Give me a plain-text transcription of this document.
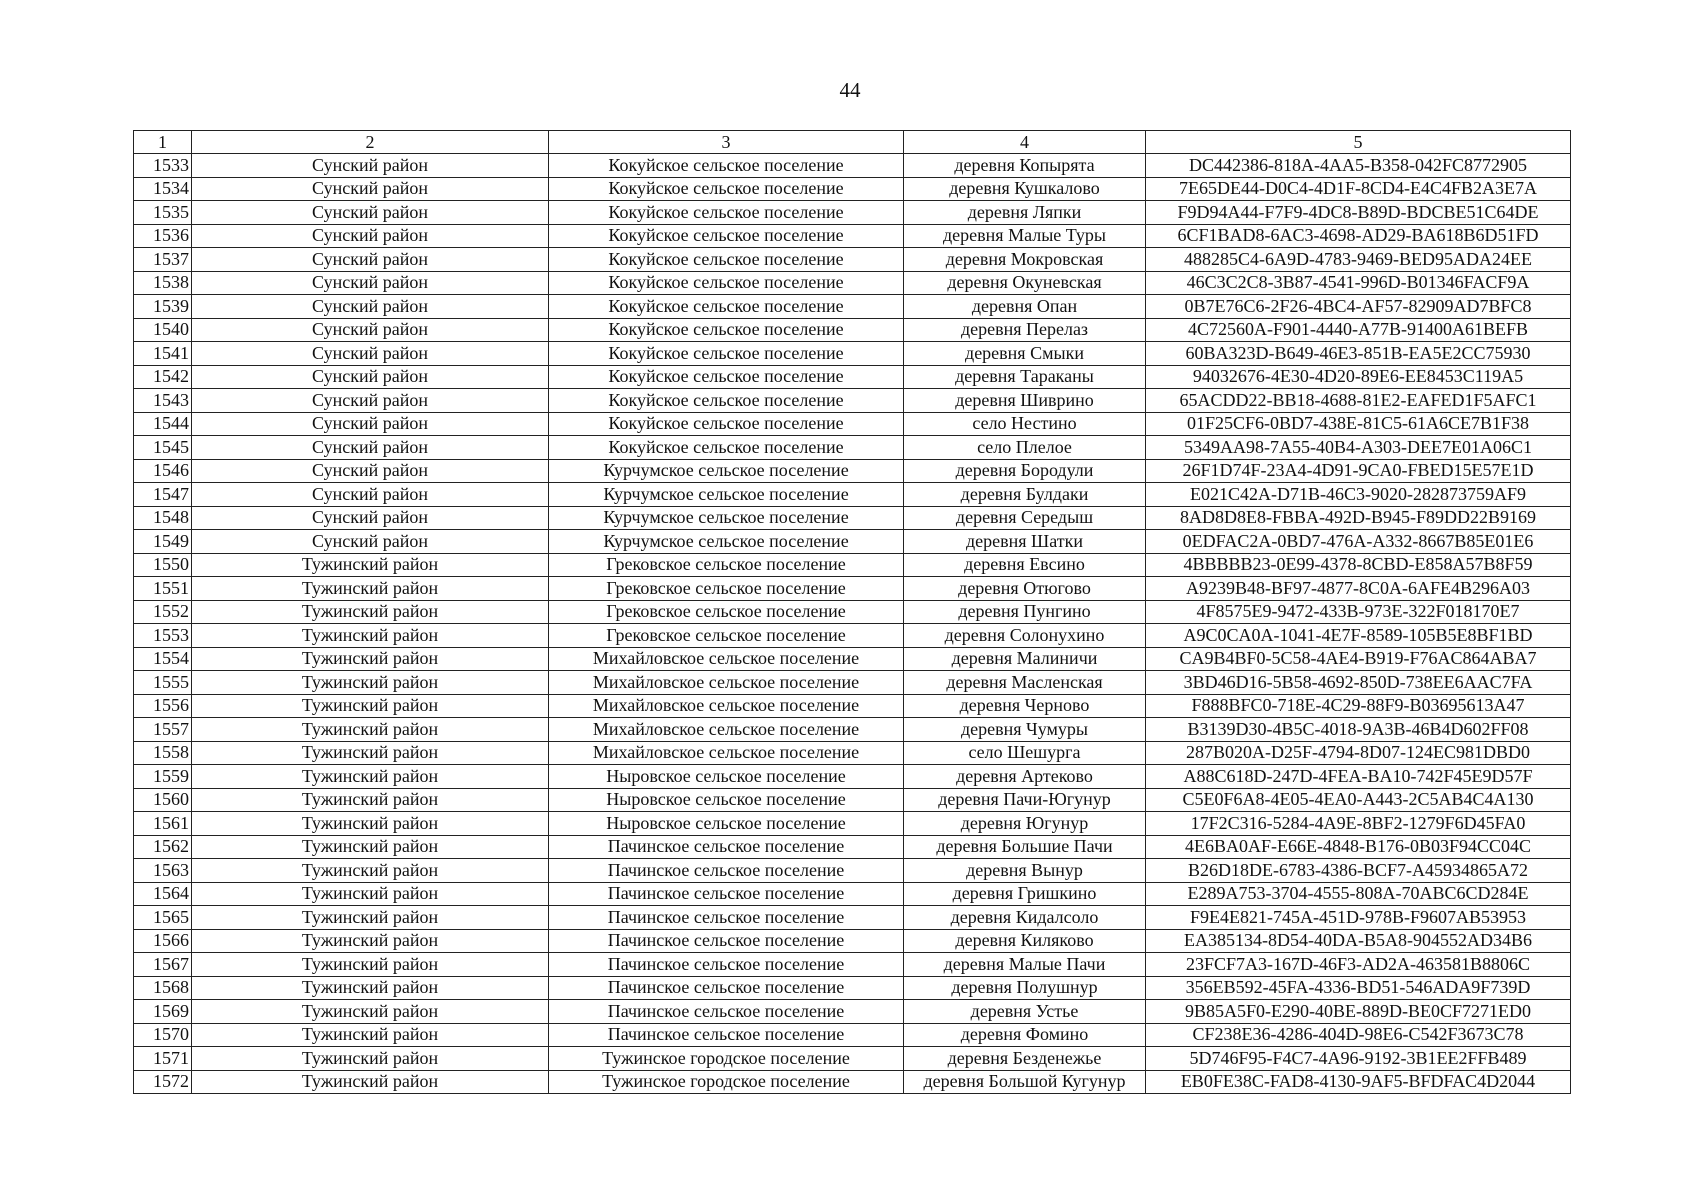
44
1	2	3	4	5
1533	Сунский район	Кокуйское сельское поселение	деревня Копырята	DC442386-818A-4AA5-B358-042FC8772905
1534	Сунский район	Кокуйское сельское поселение	деревня Кушкалово	7E65DE44-D0C4-4D1F-8CD4-E4C4FB2A3E7A
1535	Сунский район	Кокуйское сельское поселение	деревня Ляпки	F9D94A44-F7F9-4DC8-B89D-BDCBE51C64DE
1536	Сунский район	Кокуйское сельское поселение	деревня Малые Туры	6CF1BAD8-6AC3-4698-AD29-BA618B6D51FD
1537	Сунский район	Кокуйское сельское поселение	деревня Мокровская	488285C4-6A9D-4783-9469-BED95ADA24EE
1538	Сунский район	Кокуйское сельское поселение	деревня Окуневская	46C3C2C8-3B87-4541-996D-B01346FACF9A
1539	Сунский район	Кокуйское сельское поселение	деревня Опан	0B7E76C6-2F26-4BC4-AF57-82909AD7BFC8
1540	Сунский район	Кокуйское сельское поселение	деревня Перелаз	4C72560A-F901-4440-A77B-91400A61BEFB
1541	Сунский район	Кокуйское сельское поселение	деревня Смыки	60BA323D-B649-46E3-851B-EA5E2CC75930
1542	Сунский район	Кокуйское сельское поселение	деревня Тараканы	94032676-4E30-4D20-89E6-EE8453C119A5
1543	Сунский район	Кокуйское сельское поселение	деревня Шиврино	65ACDD22-BB18-4688-81E2-EAFED1F5AFC1
1544	Сунский район	Кокуйское сельское поселение	село Нестино	01F25CF6-0BD7-438E-81C5-61A6CE7B1F38
1545	Сунский район	Кокуйское сельское поселение	село Плелое	5349AA98-7A55-40B4-A303-DEE7E01A06C1
1546	Сунский район	Курчумское сельское поселение	деревня Бородули	26F1D74F-23A4-4D91-9CA0-FBED15E57E1D
1547	Сунский район	Курчумское сельское поселение	деревня Булдаки	E021C42A-D71B-46C3-9020-282873759AF9
1548	Сунский район	Курчумское сельское поселение	деревня Середыш	8AD8D8E8-FBBA-492D-B945-F89DD22B9169
1549	Сунский район	Курчумское сельское поселение	деревня Шатки	0EDFAC2A-0BD7-476A-A332-8667B85E01E6
1550	Тужинский район	Грековское сельское поселение	деревня Евсино	4BBBBB23-0E99-4378-8CBD-E858A57B8F59
1551	Тужинский район	Грековское сельское поселение	деревня Отюгово	A9239B48-BF97-4877-8C0A-6AFE4B296A03
1552	Тужинский район	Грековское сельское поселение	деревня Пунгино	4F8575E9-9472-433B-973E-322F018170E7
1553	Тужинский район	Грековское сельское поселение	деревня Солонухино	A9C0CA0A-1041-4E7F-8589-105B5E8BF1BD
1554	Тужинский район	Михайловское сельское поселение	деревня Малиничи	CA9B4BF0-5C58-4AE4-B919-F76AC864ABA7
1555	Тужинский район	Михайловское сельское поселение	деревня Масленская	3BD46D16-5B58-4692-850D-738EE6AAC7FA
1556	Тужинский район	Михайловское сельское поселение	деревня Черново	F888BFC0-718E-4C29-88F9-B03695613A47
1557	Тужинский район	Михайловское сельское поселение	деревня Чумуры	B3139D30-4B5C-4018-9A3B-46B4D602FF08
1558	Тужинский район	Михайловское сельское поселение	село Шешурга	287B020A-D25F-4794-8D07-124EC981DBD0
1559	Тужинский район	Ныровское сельское поселение	деревня Артеково	A88C618D-247D-4FEA-BA10-742F45E9D57F
1560	Тужинский район	Ныровское сельское поселение	деревня Пачи-Югунур	C5E0F6A8-4E05-4EA0-A443-2C5AB4C4A130
1561	Тужинский район	Ныровское сельское поселение	деревня Югунур	17F2C316-5284-4A9E-8BF2-1279F6D45FA0
1562	Тужинский район	Пачинское сельское поселение	деревня Большие Пачи	4E6BA0AF-E66E-4848-B176-0B03F94CC04C
1563	Тужинский район	Пачинское сельское поселение	деревня Вынур	B26D18DE-6783-4386-BCF7-A45934865A72
1564	Тужинский район	Пачинское сельское поселение	деревня Гришкино	E289A753-3704-4555-808A-70ABC6CD284E
1565	Тужинский район	Пачинское сельское поселение	деревня Кидалсоло	F9E4E821-745A-451D-978B-F9607AB53953
1566	Тужинский район	Пачинское сельское поселение	деревня Киляково	EA385134-8D54-40DA-B5A8-904552AD34B6
1567	Тужинский район	Пачинское сельское поселение	деревня Малые Пачи	23FCF7A3-167D-46F3-AD2A-463581B8806C
1568	Тужинский район	Пачинское сельское поселение	деревня Полушнур	356EB592-45FA-4336-BD51-546ADA9F739D
1569	Тужинский район	Пачинское сельское поселение	деревня Устье	9B85A5F0-E290-40BE-889D-BE0CF7271ED0
1570	Тужинский район	Пачинское сельское поселение	деревня Фомино	CF238E36-4286-404D-98E6-C542F3673C78
1571	Тужинский район	Тужинское городское поселение	деревня Безденежье	5D746F95-F4C7-4A96-9192-3B1EE2FFB489
1572	Тужинский район	Тужинское городское поселение	деревня Большой Кугунур	EB0FE38C-FAD8-4130-9AF5-BFDFAC4D2044
